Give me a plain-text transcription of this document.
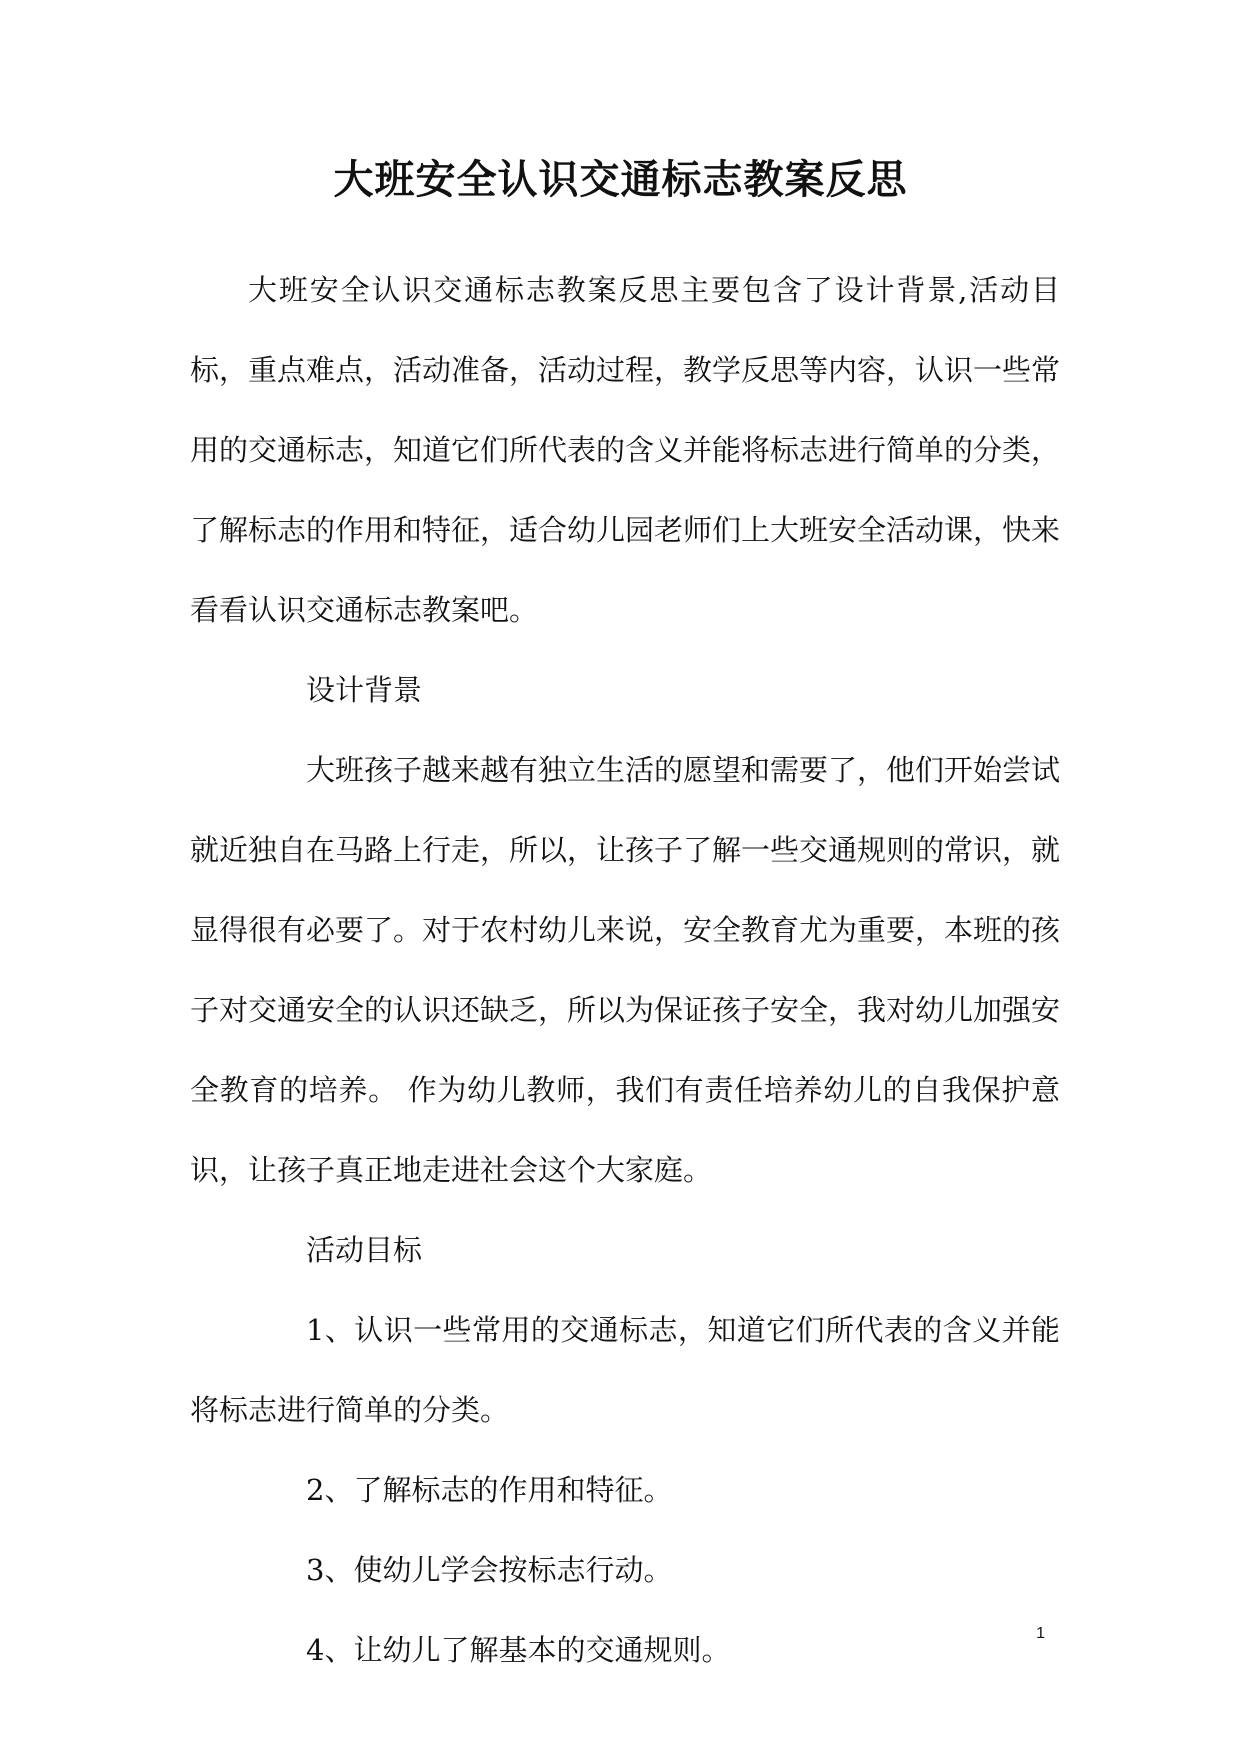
大班安全认识交通标志教案反思

大班安全认识交通标志教案反思主要包含了设计背景,活动目标，重点难点，活动准备，活动过程，教学反思等内容，认识一些常用的交通标志，知道它们所代表的含义并能将标志进行简单的分类，了解标志的作用和特征，适合幼儿园老师们上大班安全活动课，快来看看认识交通标志教案吧。

设计背景

大班孩子越来越有独立生活的愿望和需要了，他们开始尝试就近独自在马路上行走，所以，让孩子了解一些交通规则的常识，就显得很有必要了。对于农村幼儿来说，安全教育尤为重要，本班的孩子对交通安全的认识还缺乏，所以为保证孩子安全，我对幼儿加强安全教育的培养。 作为幼儿教师，我们有责任培养幼儿的自我保护意识，让孩子真正地走进社会这个大家庭。

活动目标

1、认识一些常用的交通标志，知道它们所代表的含义并能将标志进行简单的分类。

2、了解标志的作用和特征。

3、使幼儿学会按标志行动。

4、让幼儿了解基本的交通规则。	1
